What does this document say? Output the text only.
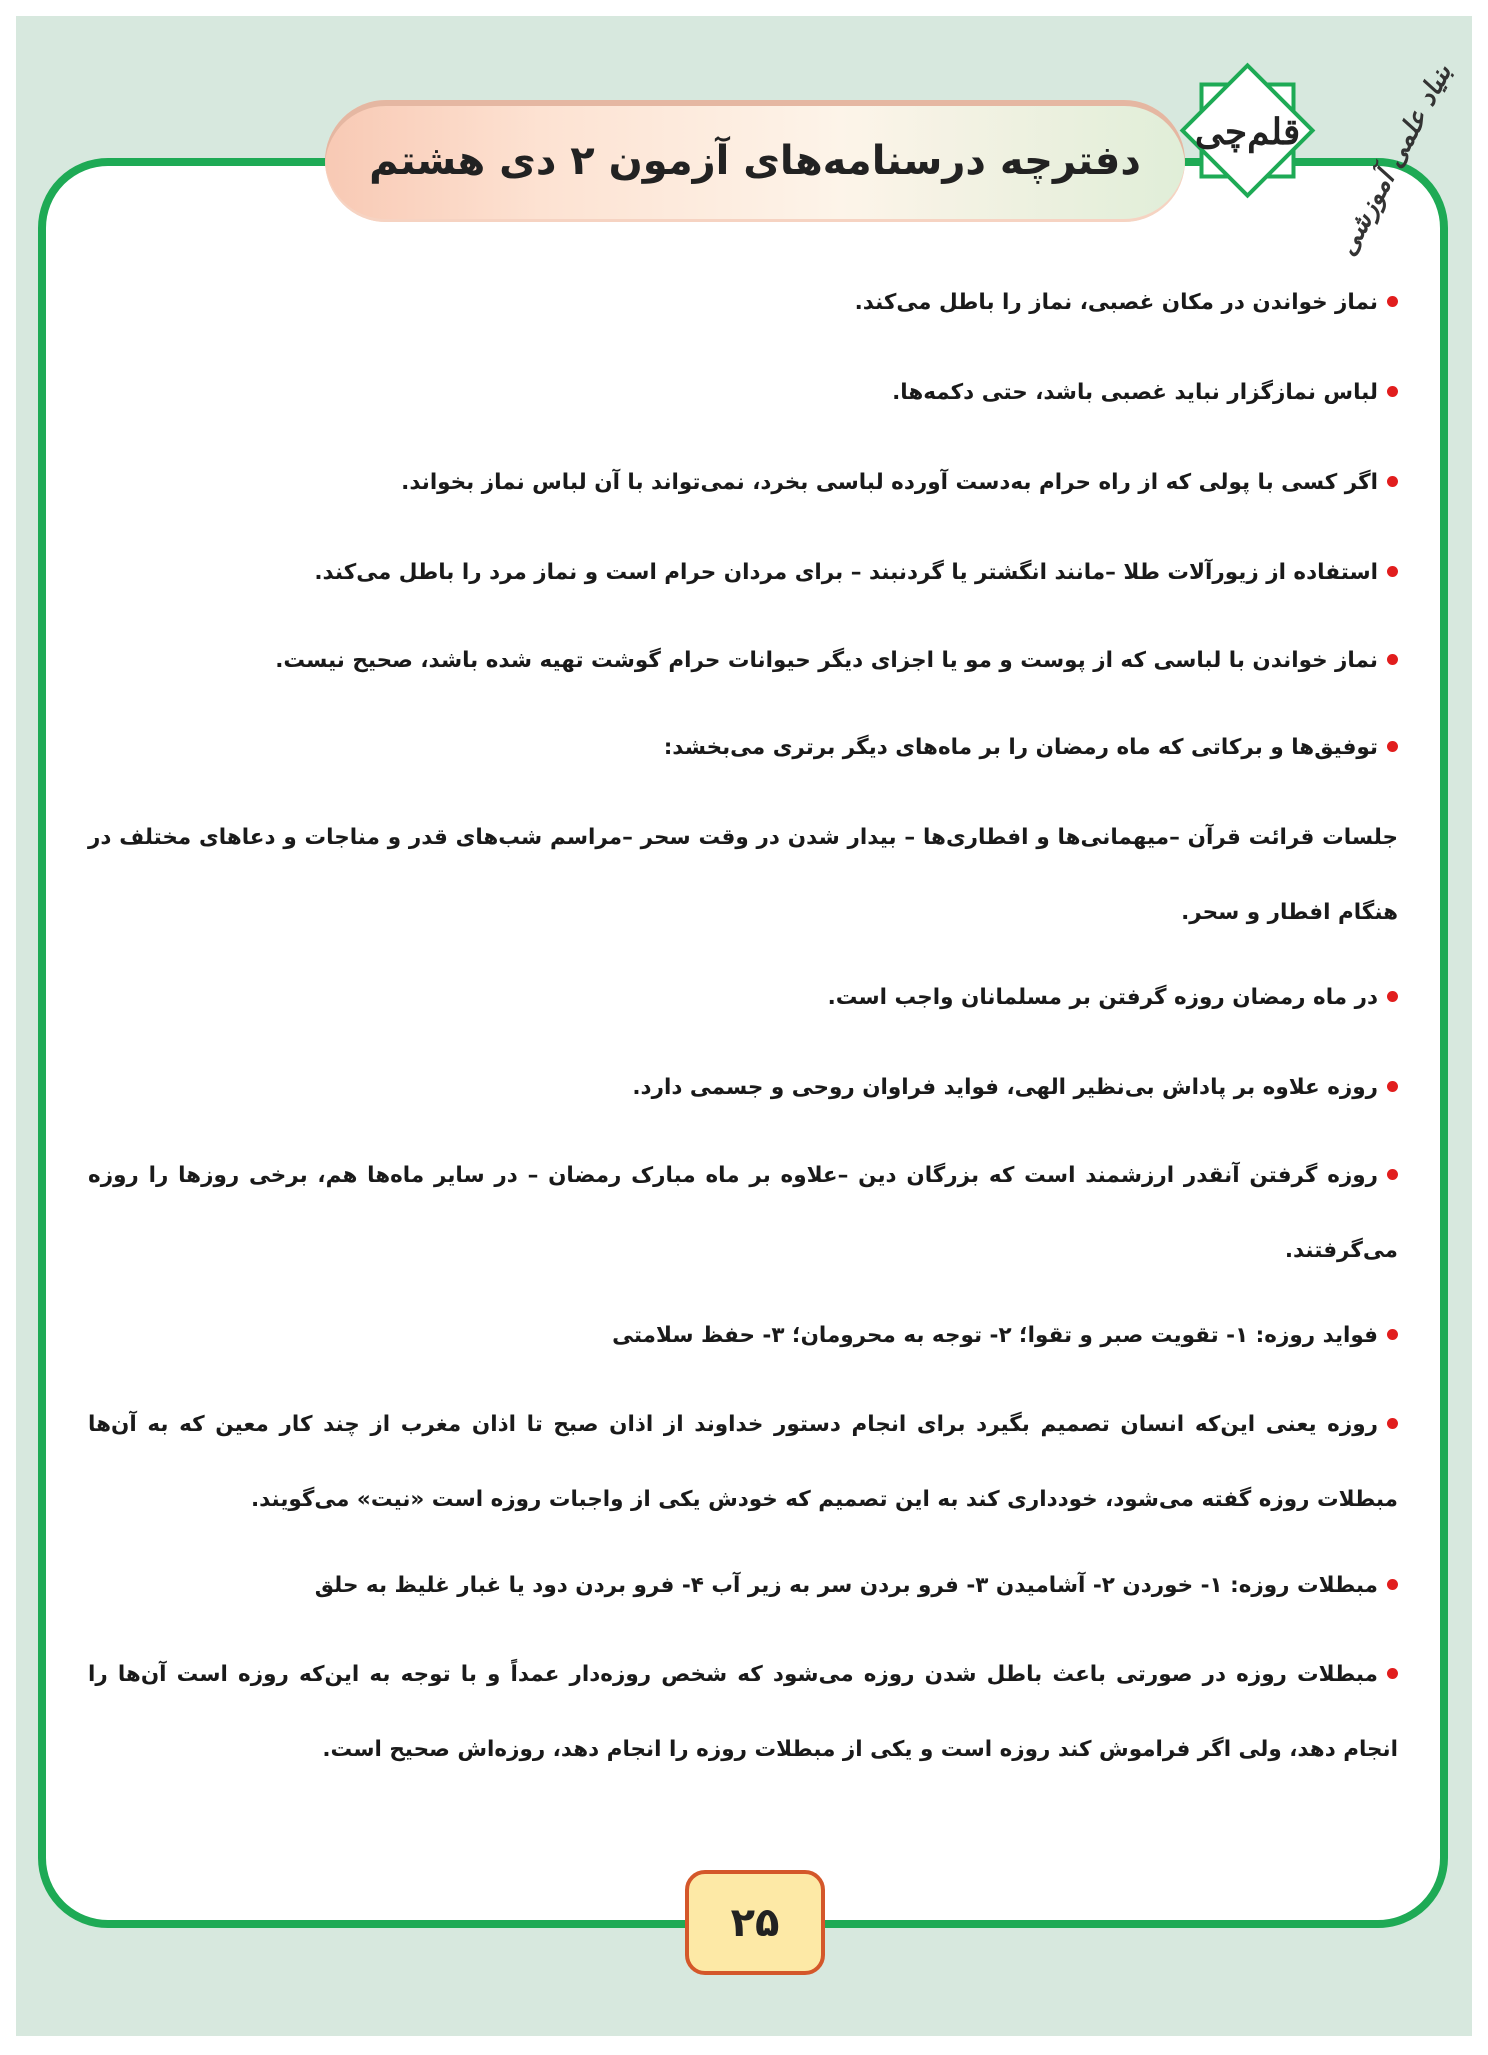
دفترچه درسنامه‌های آزمون ۲ دی هشتم
قلم‌چی	بنیاد علمی آموزشی
نماز خواندن در مکان غصبی، نماز را باطل می‌کند.
لباس نمازگزار نباید غصبی باشد، حتی دکمه‌ها.
اگر کسی با پولی که از راه حرام به‌دست آورده لباسی بخرد، نمی‌تواند با آن لباس نماز بخواند.
استفاده از زیورآلات طلا –مانند انگشتر یا گردنبند – برای مردان حرام است و نماز مرد را باطل می‌کند.
نماز خواندن با لباسی که از پوست و مو یا اجزای دیگر حیوانات حرام گوشت تهیه شده باشد، صحیح نیست.
توفیق‌ها و برکاتی که ماه رمضان را بر ماه‌های دیگر برتری می‌بخشد:
جلسات قرائت قرآن –میهمانی‌ها و افطاری‌ها – بیدار شدن در وقت سحر –مراسم شب‌های قدر و مناجات و دعاهای مختلف در هنگام افطار و سحر.
در ماه رمضان روزه گرفتن بر مسلمانان واجب است.
روزه علاوه بر پاداش بی‌نظیر الهی، فواید فراوان روحی و جسمی دارد.
روزه گرفتن آنقدر ارزشمند است که بزرگان دین –علاوه بر ماه مبارک رمضان – در سایر ماه‌ها هم، برخی روزها را روزه می‌گرفتند.
فواید روزه: ۱- تقویت صبر و تقوا؛ ۲- توجه به محرومان؛ ۳- حفظ سلامتی
روزه یعنی این‌که انسان تصمیم بگیرد برای انجام دستور خداوند از اذان صبح تا اذان مغرب از چند کار معین که به آن‌ها مبطلات روزه گفته می‌شود، خودداری کند به این تصمیم که خودش یکی از واجبات روزه است «نیت» می‌گویند.
مبطلات روزه: ۱- خوردن ۲- آشامیدن ۳- فرو بردن سر به زیر آب ۴- فرو بردن دود یا غبار غلیظ به حلق
مبطلات روزه در صورتی باعث باطل شدن روزه می‌شود که شخص روزه‌دار عمداً و با توجه به این‌که روزه است آن‌ها را انجام دهد، ولی اگر فراموش کند روزه است و یکی از مبطلات روزه را انجام دهد، روزه‌اش صحیح است.
۲۵
